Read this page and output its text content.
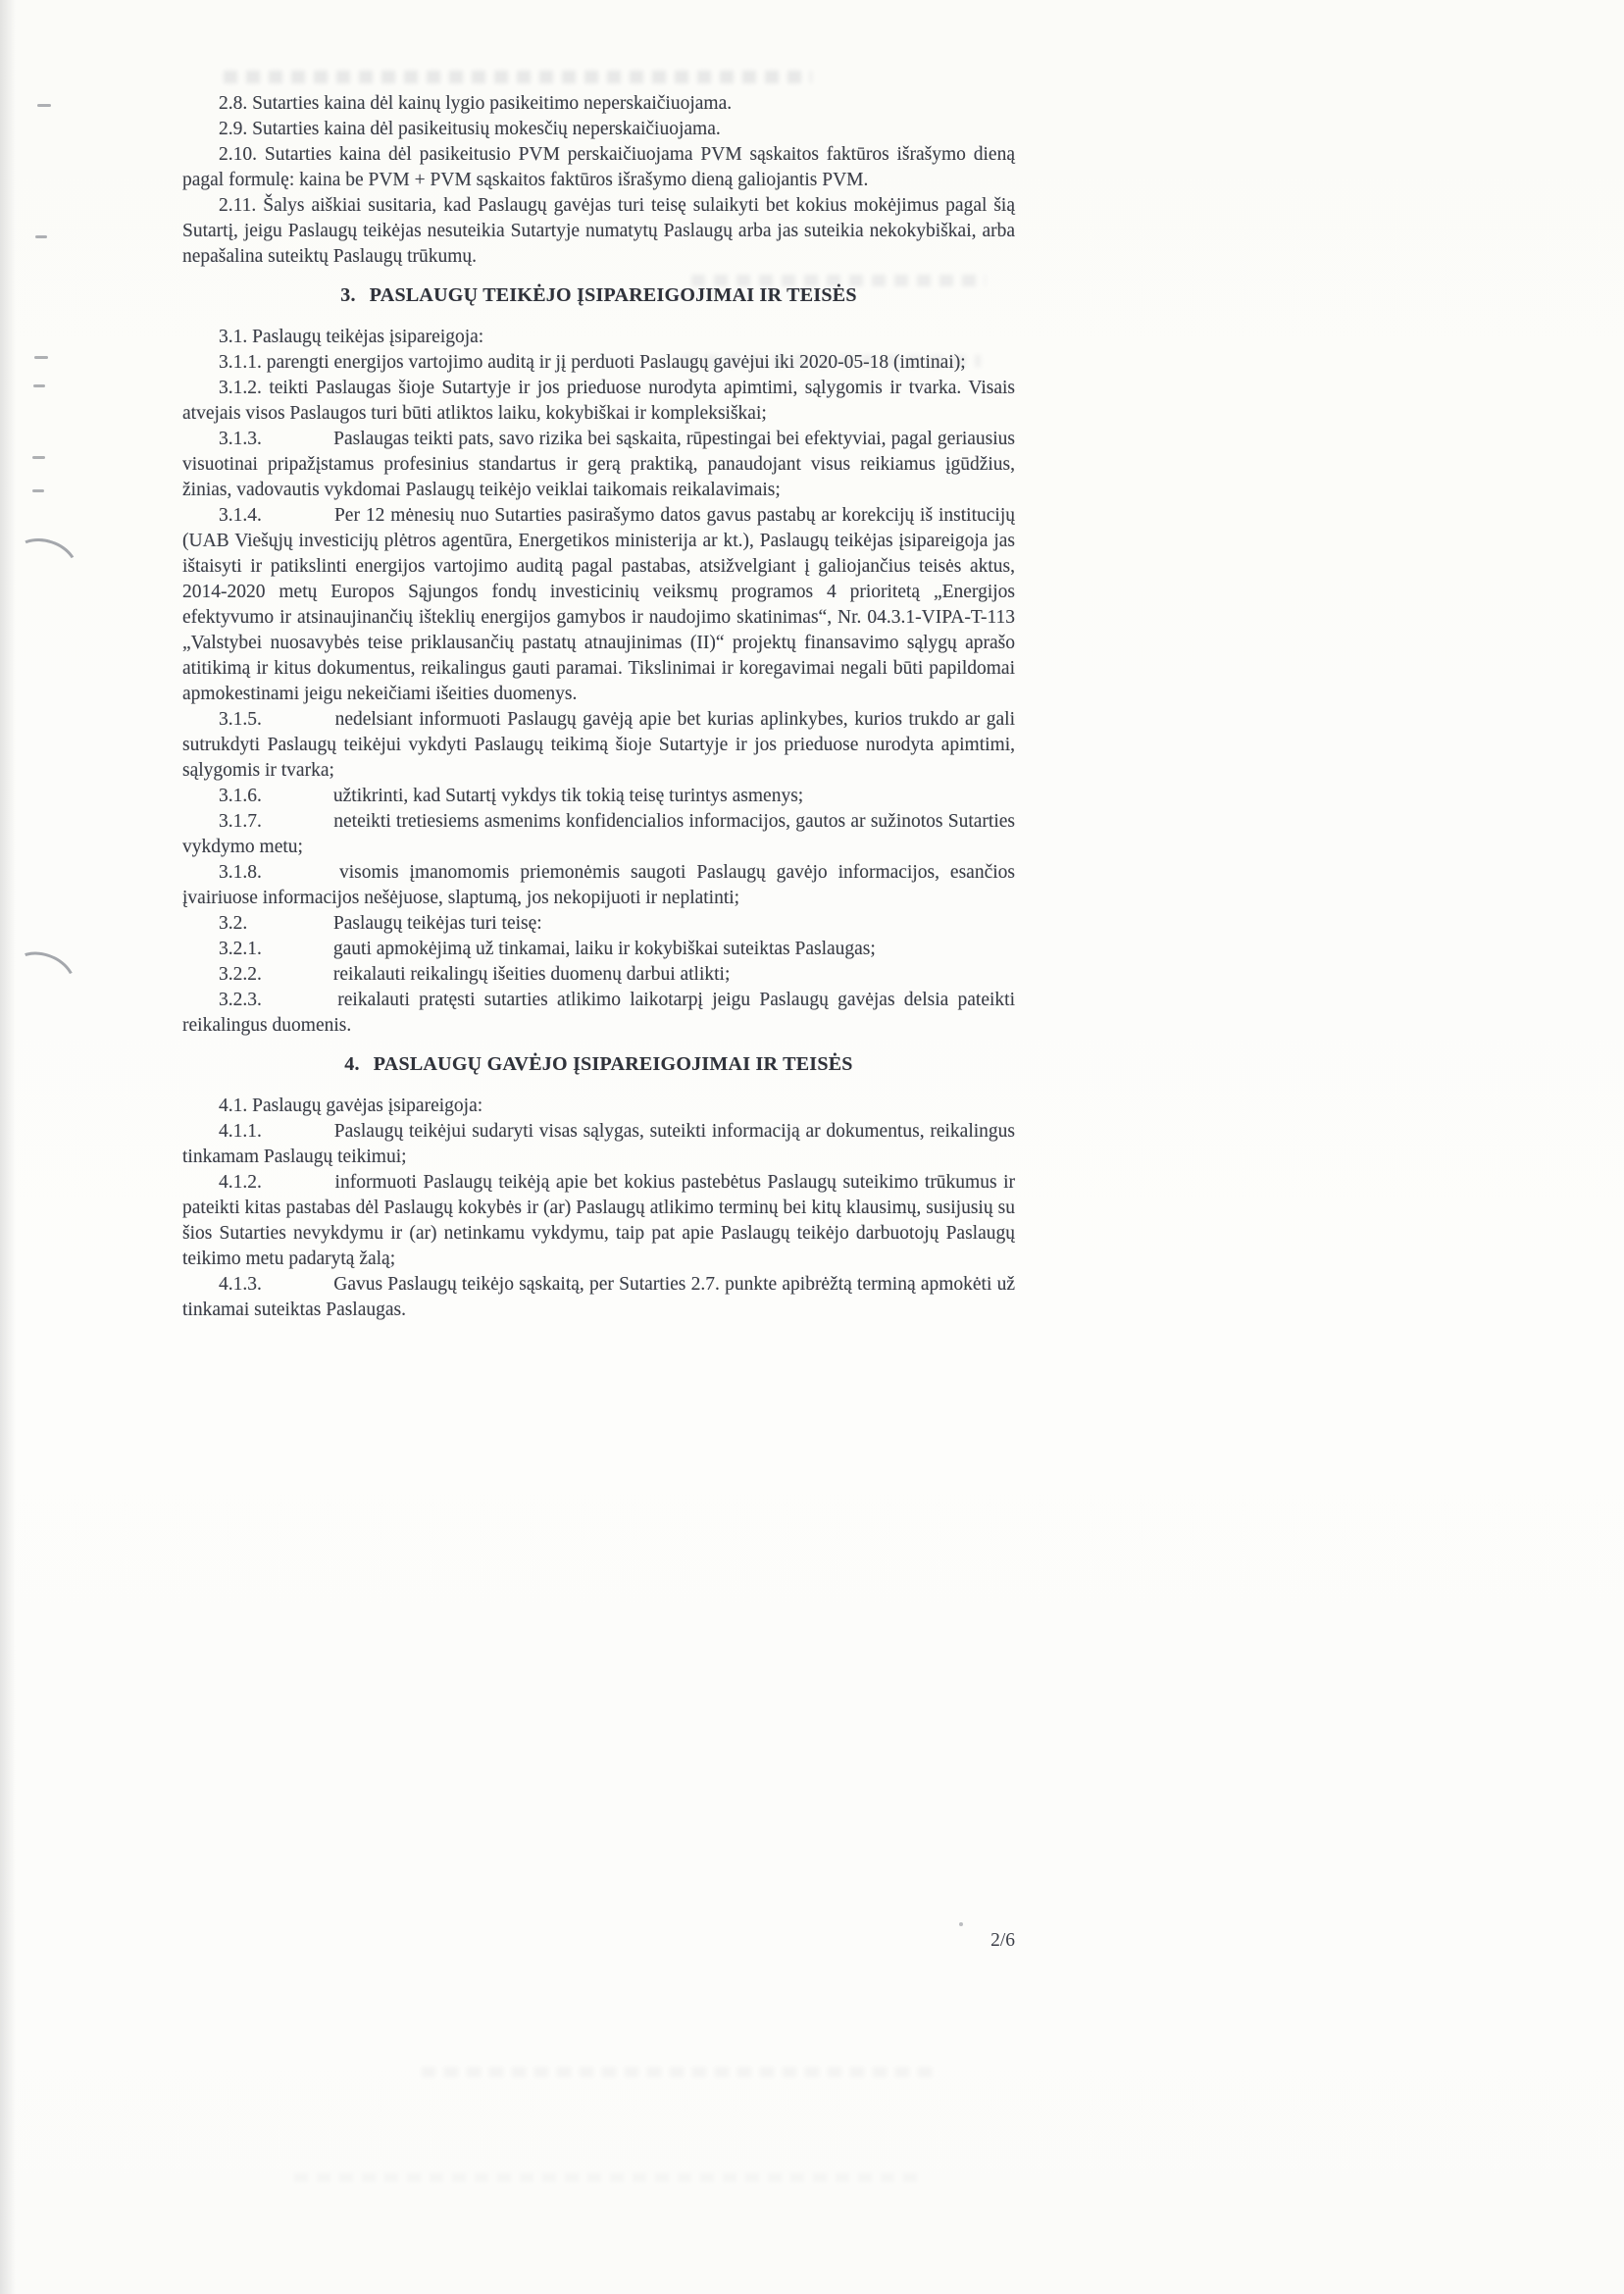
2.8. Sutarties kaina dėl kainų lygio pasikeitimo neperskaičiuojama.

2.9. Sutarties kaina dėl pasikeitusių mokesčių neperskaičiuojama.

2.10. Sutarties kaina dėl pasikeitusio PVM perskaičiuojama PVM sąskaitos faktūros išrašymo dieną pagal formulę: kaina be PVM + PVM sąskaitos faktūros išrašymo dieną galiojantis PVM.

2.11. Šalys aiškiai susitaria, kad Paslaugų gavėjas turi teisę sulaikyti bet kokius mokėjimus pagal šią Sutartį, jeigu Paslaugų teikėjas nesuteikia Sutartyje numatytų Paslaugų arba jas suteikia nekokybiškai, arba nepašalina suteiktų Paslaugų trūkumų.

3. PASLAUGŲ TEIKĖJO ĮSIPAREIGOJIMAI IR TEISĖS

3.1. Paslaugų teikėjas įsipareigoja:

3.1.1. parengti energijos vartojimo auditą ir jį perduoti Paslaugų gavėjui iki 2020-05-18 (imtinai);

3.1.2. teikti Paslaugas šioje Sutartyje ir jos prieduose nurodyta apimtimi, sąlygomis ir tvarka. Visais atvejais visos Paslaugos turi būti atliktos laiku, kokybiškai ir kompleksiškai;

3.1.3.	Paslaugas teikti pats, savo rizika bei sąskaita, rūpestingai bei efektyviai, pagal geriausius visuotinai pripažįstamus profesinius standartus ir gerą praktiką, panaudojant visus reikiamus įgūdžius, žinias, vadovautis vykdomai Paslaugų teikėjo veiklai taikomais reikalavimais;

3.1.4.	Per 12 mėnesių nuo Sutarties pasirašymo datos gavus pastabų ar korekcijų iš institucijų (UAB Viešųjų investicijų plėtros agentūra, Energetikos ministerija ar kt.), Paslaugų teikėjas įsipareigoja jas ištaisyti ir patikslinti energijos vartojimo auditą pagal pastabas, atsižvelgiant į galiojančius teisės aktus, 2014-2020 metų Europos Sąjungos fondų investicinių veiksmų programos 4 prioritetą „Energijos efektyvumo ir atsinaujinančių išteklių energijos gamybos ir naudojimo skatinimas“, Nr. 04.3.1-VIPA-T-113 „Valstybei nuosavybės teise priklausančių pastatų atnaujinimas (II)“ projektų finansavimo sąlygų aprašo atitikimą ir kitus dokumentus, reikalingus gauti paramai. Tikslinimai ir koregavimai negali būti papildomai apmokestinami jeigu nekeičiami išeities duomenys.

3.1.5.	nedelsiant informuoti Paslaugų gavėją apie bet kurias aplinkybes, kurios trukdo ar gali sutrukdyti Paslaugų teikėjui vykdyti Paslaugų teikimą šioje Sutartyje ir jos prieduose nurodyta apimtimi, sąlygomis ir tvarka;

3.1.6.	užtikrinti, kad Sutartį vykdys tik tokią teisę turintys asmenys;

3.1.7.	neteikti tretiesiems asmenims konfidencialios informacijos, gautos ar sužinotos Sutarties vykdymo metu;

3.1.8.	visomis įmanomomis priemonėmis saugoti Paslaugų gavėjo informacijos, esančios įvairiuose informacijos nešėjuose, slaptumą, jos nekopijuoti ir neplatinti;

3.2.	Paslaugų teikėjas turi teisę:

3.2.1.	gauti apmokėjimą už tinkamai, laiku ir kokybiškai suteiktas Paslaugas;

3.2.2.	reikalauti reikalingų išeities duomenų darbui atlikti;

3.2.3.	reikalauti pratęsti sutarties atlikimo laikotarpį jeigu Paslaugų gavėjas delsia pateikti reikalingus duomenis.

4. PASLAUGŲ GAVĖJO ĮSIPAREIGOJIMAI IR TEISĖS

4.1. Paslaugų gavėjas įsipareigoja:

4.1.1.	Paslaugų teikėjui sudaryti visas sąlygas, suteikti informaciją ar dokumentus, reikalingus tinkamam Paslaugų teikimui;

4.1.2.	informuoti Paslaugų teikėją apie bet kokius pastebėtus Paslaugų suteikimo trūkumus ir pateikti kitas pastabas dėl Paslaugų kokybės ir (ar) Paslaugų atlikimo terminų bei kitų klausimų, susijusių su šios Sutarties nevykdymu ir (ar) netinkamu vykdymu, taip pat apie Paslaugų teikėjo darbuotojų Paslaugų teikimo metu padarytą žalą;

4.1.3.	Gavus Paslaugų teikėjo sąskaitą, per Sutarties 2.7. punkte apibrėžtą terminą apmokėti už tinkamai suteiktas Paslaugas.

2/6
